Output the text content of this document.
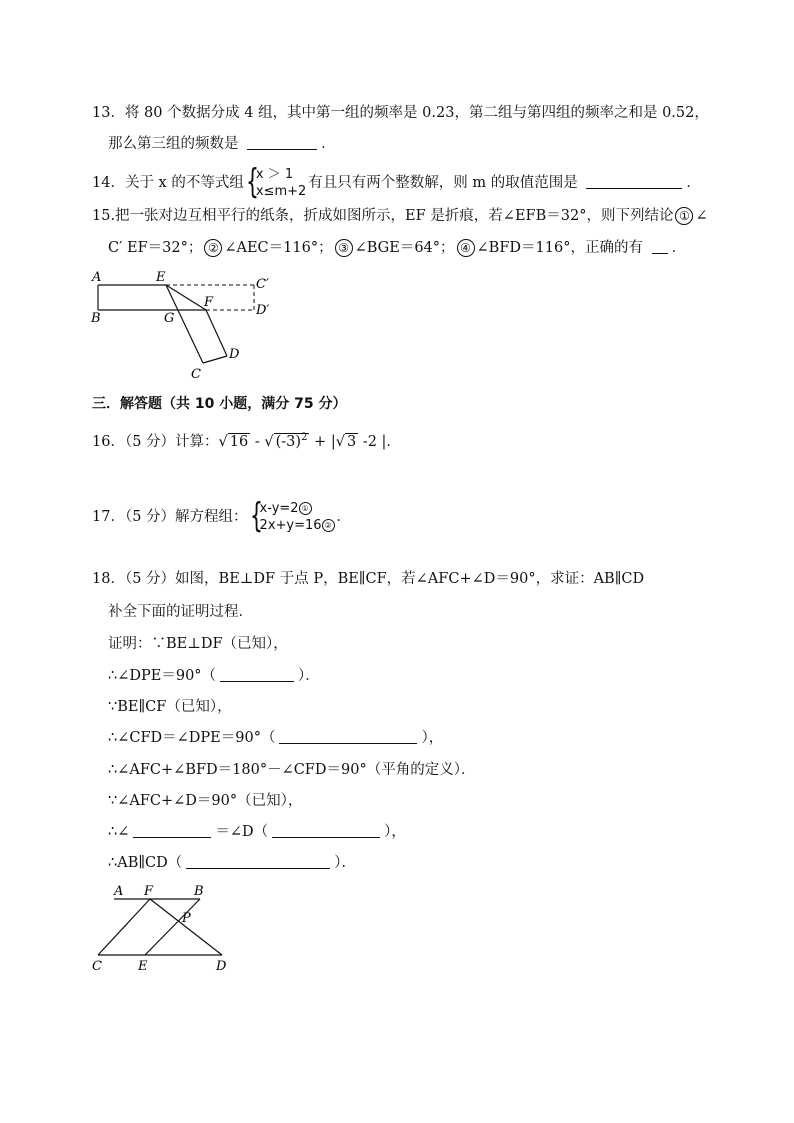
13．将 80 个数据分成 4 组，其中第一组的频率是 0.23，第二组与第四组的频率之和是 0.52，
那么第三组的频数是	．
14．关于 x 的不等式组 {
x ＞ 1
x≤m+2
有且只有两个整数解，则 m 的取值范围是	．
15.把一张对边互相平行的纸条，折成如图所示，EF 是折痕，若∠EFB＝32°，则下列结论 ① ∠
C′ EF＝32°； ② ∠AEC＝116°； ③ ∠BGE＝64°； ④ ∠BFD＝116°，正确的有 ．
A	E	C′
B	G
F
D′
D
C
三．解答题（共 10 小题，满分 75 分）
16．（5 分）计算：√ 16 - √ $(-3)^2$ + |√ 3 -2 |．
17．（5 分）解方程组： {
x-y=2 ①
2x+y=16 ②
．
18．（5 分）如图，BE⊥DF 于点 P，BE∥CF，若∠AFC+∠D＝90°，求证：AB∥CD
补全下面的证明过程．
证明：∵BE⊥DF（已知），
∴∠DPE＝90°（	）．
∵BE∥CF（已知），
∴∠CFD＝∠DPE＝90°（	），
∴∠AFC+∠BFD＝180°－∠CFD＝90°（平角的定义）．
∵∠AFC+∠D＝90°（已知），
∴∠	＝∠D（	），
∴AB∥CD（	）．
A F	B
P
C	E	D
